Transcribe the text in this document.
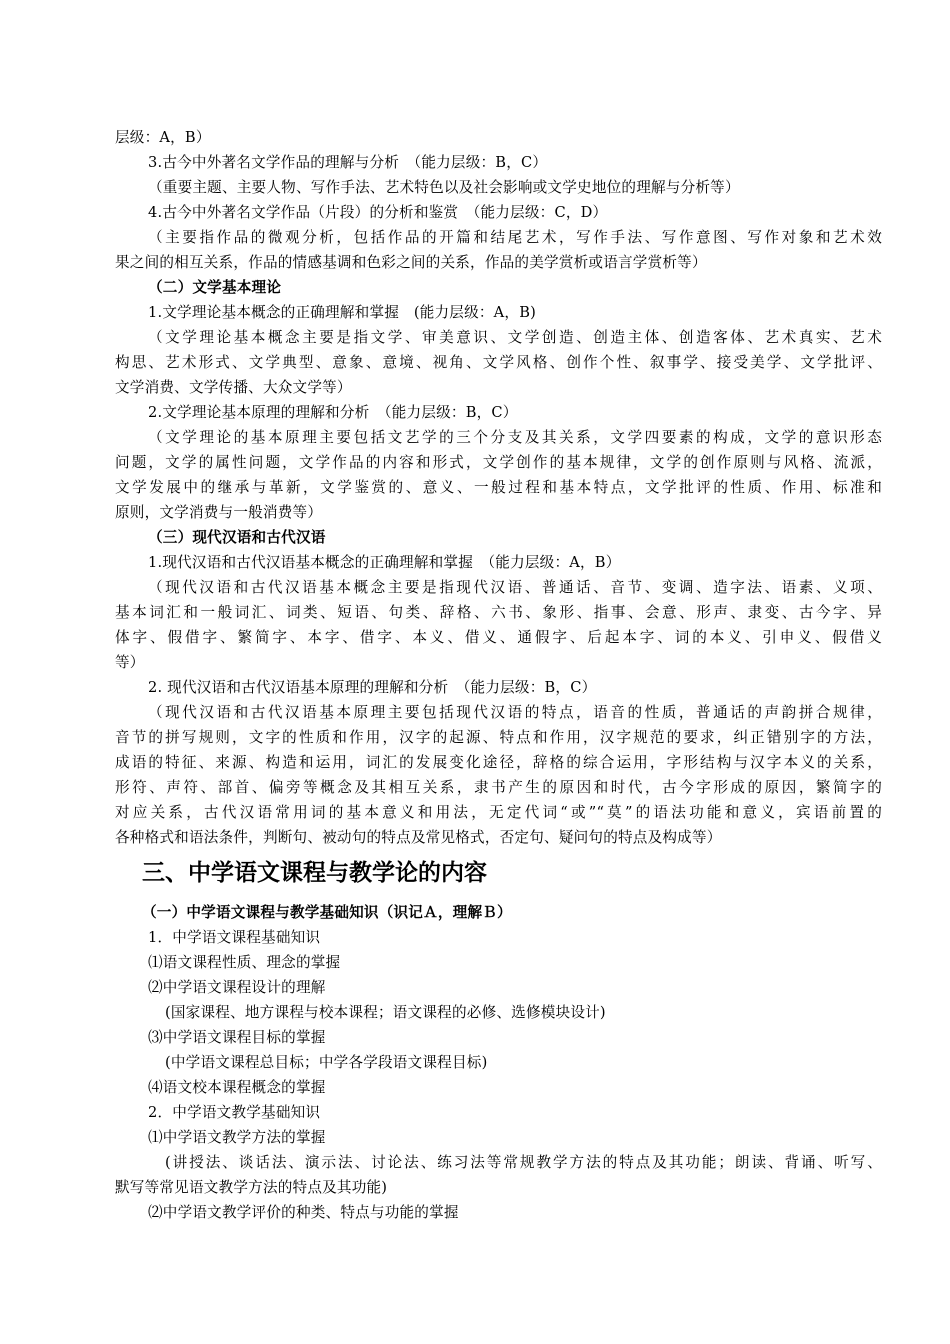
层级：A，B）
3.古今中外著名文学作品的理解与分析　（能力层级：B，C）
（重要主题、主要人物、写作手法、艺术特色以及社会影响或文学史地位的理解与分析等）
4.古今中外著名文学作品（片段）的分析和鉴赏　（能力层级：C，D）
（主要指作品的微观分析，包括作品的开篇和结尾艺术，写作手法、写作意图、写作对象和艺术效
果之间的相互关系，作品的情感基调和色彩之间的关系，作品的美学赏析或语言学赏析等）
（二）文学基本理论
1.文学理论基本概念的正确理解和掌握　(能力层级：A，B)
（文学理论基本概念主要是指文学、审美意识、文学创造、创造主体、创造客体、艺术真实、艺术
构思、艺术形式、文学典型、意象、意境、视角、文学风格、创作个性、叙事学、接受美学、文学批评、
文学消费、文学传播、大众文学等）
2.文学理论基本原理的理解和分析　（能力层级：B，C）
（文学理论的基本原理主要包括文艺学的三个分支及其关系，文学四要素的构成，文学的意识形态
问题，文学的属性问题，文学作品的内容和形式，文学创作的基本规律，文学的创作原则与风格、流派，
文学发展中的继承与革新，文学鉴赏的、意义、一般过程和基本特点，文学批评的性质、作用、标准和
原则，文学消费与一般消费等）
（三）现代汉语和古代汉语
1.现代汉语和古代汉语基本概念的正确理解和掌握　（能力层级：A，B）
（现代汉语和古代汉语基本概念主要是指现代汉语、普通话、音节、变调、造字法、语素、义项、
基本词汇和一般词汇、词类、短语、句类、辞格、六书、象形、指事、会意、形声、隶变、古今字、异
体字、假借字、繁简字、本字、借字、本义、借义、通假字、后起本字、词的本义、引申义、假借义
等）
2. 现代汉语和古代汉语基本原理的理解和分析　（能力层级：B，C）
（现代汉语和古代汉语基本原理主要包括现代汉语的特点，语音的性质，普通话的声韵拼合规律，
音节的拼写规则，文字的性质和作用，汉字的起源、特点和作用，汉字规范的要求，纠正错别字的方法，
成语的特征、来源、构造和运用，词汇的发展变化途径，辞格的综合运用，字形结构与汉字本义的关系，
形符、声符、部首、偏旁等概念及其相互关系，隶书产生的原因和时代，古今字形成的原因，繁简字的
对应关系，古代汉语常用词的基本意义和用法，无定代词“或”“莫”的语法功能和意义，宾语前置的
各种格式和语法条件，判断句、被动句的特点及常见格式，否定句、疑问句的特点及构成等）
三、中学语文课程与教学论的内容
（一）中学语文课程与教学基础知识（识记Ａ，理解Ｂ）
1．中学语文课程基础知识
⑴语文课程性质、理念的掌握
⑵中学语文课程设计的理解
(国家课程、地方课程与校本课程；语文课程的必修、选修模块设计)
⑶中学语文课程目标的掌握
(中学语文课程总目标；中学各学段语文课程目标)
⑷语文校本课程概念的掌握
2．中学语文教学基础知识
⑴中学语文教学方法的掌握
(讲授法、谈话法、演示法、讨论法、练习法等常规教学方法的特点及其功能；朗读、背诵、听写、
默写等常见语文教学方法的特点及其功能)
⑵中学语文教学评价的种类、特点与功能的掌握
